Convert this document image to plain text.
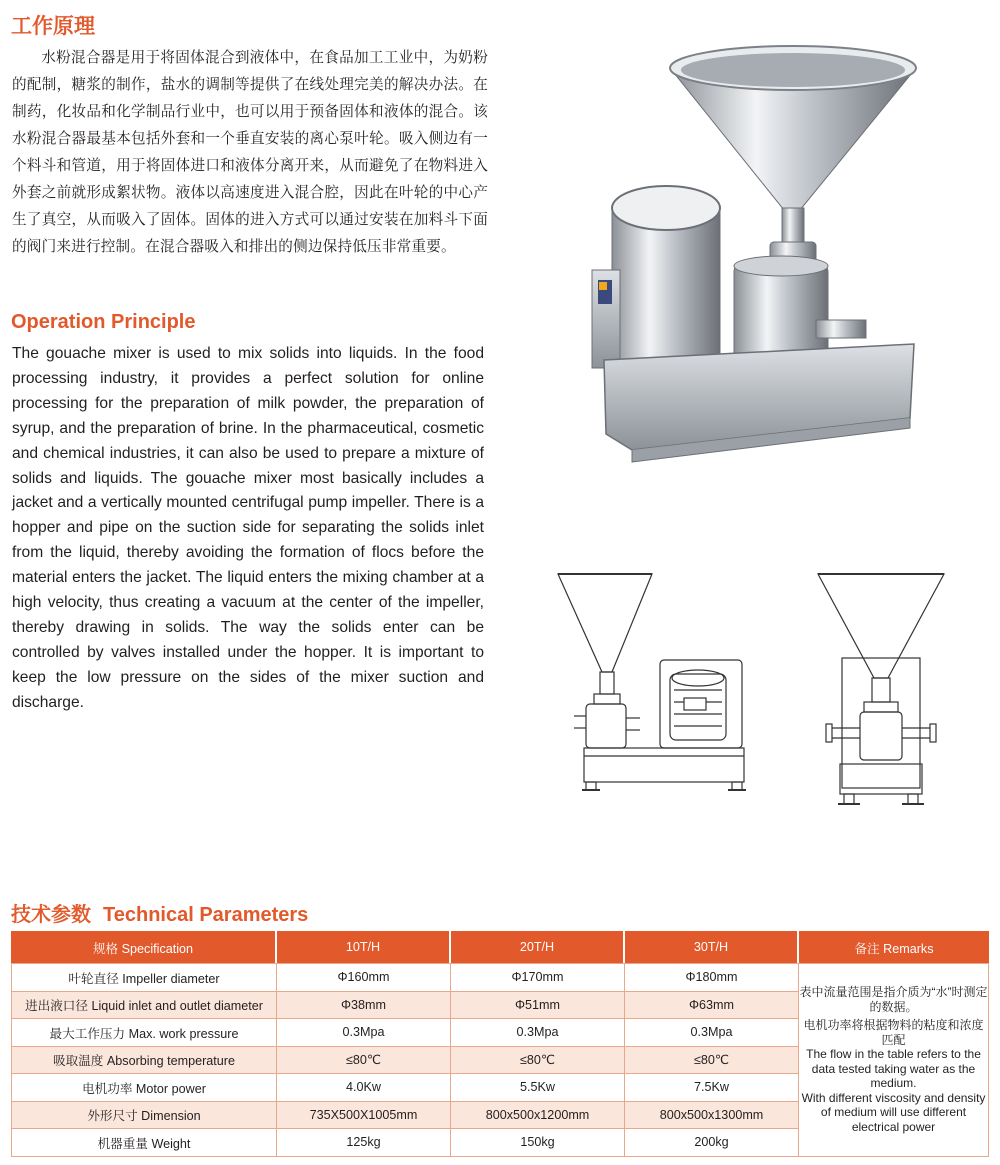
工作原理

水粉混合器是用于将固体混合到液体中，在食品加工工业中，为奶粉的配制，糖浆的制作，盐水的调制等提供了在线处理完美的解决办法。在制药，化妆品和化学制品行业中，也可以用于预备固体和液体的混合。该水粉混合器最基本包括外套和一个垂直安装的离心泵叶轮。吸入侧边有一个料斗和管道，用于将固体进口和液体分离开来，从而避免了在物料进入外套之前就形成絮状物。液体以高速度进入混合腔，因此在叶轮的中心产生了真空，从而吸入了固体。固体的进入方式可以通过安装在加料斗下面的阀门来进行控制。在混合器吸入和排出的侧边保持低压非常重要。

Operation Principle

The gouache mixer is used to mix solids into liquids. In the food processing industry, it provides a perfect solution for online processing for the preparation of milk powder, the preparation of syrup, and the preparation of brine. In the pharmaceutical, cosmetic and chemical industries, it can also be used to prepare a mixture of solids and liquids. The gouache mixer most basically includes a jacket and a vertically mounted centrifugal pump impeller. There is a hopper and pipe on the suction side for separating the solids inlet from the liquid, thereby avoiding the formation of flocs before the material enters the jacket. The liquid enters the mixing chamber at a high velocity, thus creating a vacuum at the center of the impeller, thereby drawing in solids. The way the solids enter can be controlled by valves installed under the hopper. It is important to keep the low pressure on the sides of the mixer suction and discharge.

技术参数 Technical Parameters
规格 Specification	10T/H	20T/H	30T/H	备注 Remarks
叶轮直径 Impeller diameter	Φ160mm	Φ170mm	Φ180mm	表中流量范围是指介质为“水”时测定的数据。
电机功率将根据物料的粘度和浓度匹配
The flow in the table refers to the data tested taking water as the medium.
With different viscosity and density of medium will use different electrical power

进出液口径 Liquid inlet and outlet diameter	Φ38mm	Φ51mm	Φ63mm	
最大工作压力 Max. work pressure	0.3Mpa	0.3Mpa	0.3Mpa	
吸取温度 Absorbing temperature	≤80℃	≤80℃	≤80℃	
电机功率 Motor power	4.0Kw	5.5Kw	7.5Kw	
外形尺寸 Dimension	735X500X1005mm	800x500x1200mm	800x500x1300mm	
机器重量 Weight	125kg	150kg	200kg	
